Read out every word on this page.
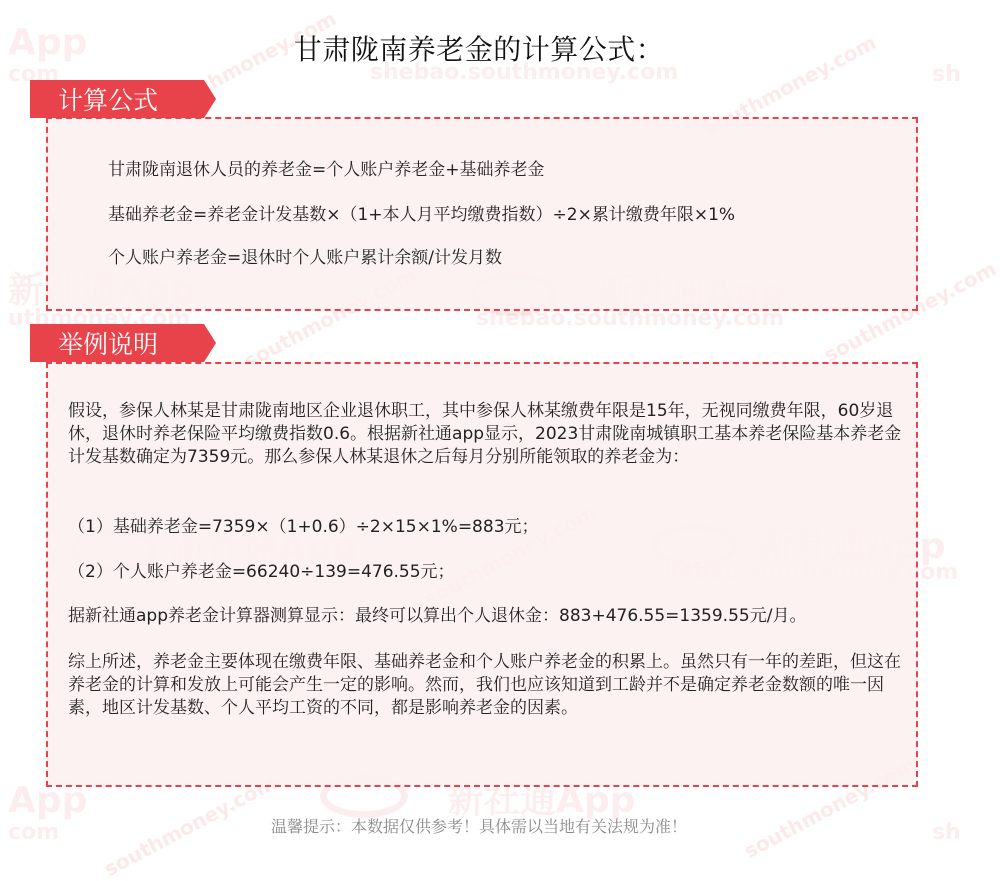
App
com	southmoney.com shebao.southmoney.com southmoney.com sh
uthmoney.com	shebao.southmoney.com
southmoney.com	southmoney.com
App
com
新社通App
southmoney.com	southmoney.com sh
甘肃陇南养老金的计算公式：
计算公式
甘肃陇南退休人员的养老金=个人账户养老金+基础养老金
基础养老金=养老金计发基数×（1+本人月平均缴费指数）÷2×累计缴费年限×1%
个人账户养老金=退休时个人账户累计余额/计发月数
举例说明

假设，参保人林某是甘肃陇南地区企业退休职工，其中参保人林某缴费年限是15年，无视同缴费年限，60岁退休，退休时养老保险平均缴费指数0.6。根据新社通app显示，2023甘肃陇南城镇职工基本养老保险基本养老金计发基数确定为7359元。那么参保人林某退休之后每月分别所能领取的养老金为：

（1）基础养老金=7359×（1+0.6）÷2×15×1%=883元；

（2）个人账户养老金=66240÷139=476.55元；

据新社通app养老金计算器测算显示：最终可以算出个人退休金：883+476.55=1359.55元/月。

综上所述，养老金主要体现在缴费年限、基础养老金和个人账户养老金的积累上。虽然只有一年的差距，但这在养老金的计算和发放上可能会产生一定的影响。然而，我们也应该知道到工龄并不是确定养老金数额的唯一因素，地区计发基数、个人平均工资的不同，都是影响养老金的因素。

温馨提示：本数据仅供参考！具体需以当地有关法规为准！
